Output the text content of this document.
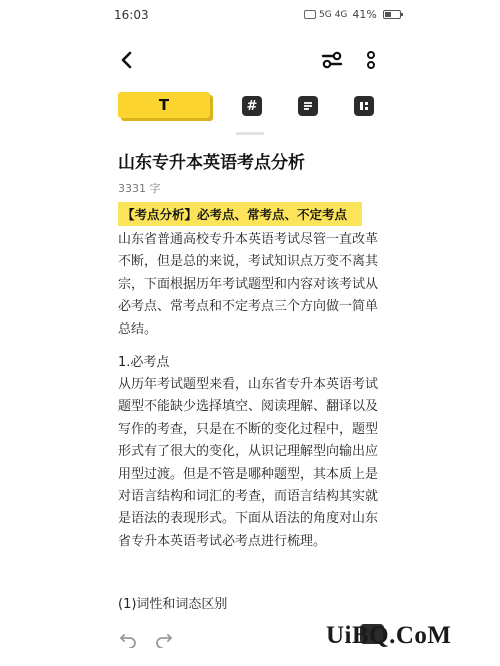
16:03	5G 4G 41%
T	#
山东专升本英语考点分析
3331 字
【考点分析】必考点、常考点、不定考点
山东省普通高校专升本英语考试尽管一直改革不断，但是总的来说，考试知识点万变不离其宗，下面根据历年考试题型和内容对该考试从必考点、常考点和不定考点三个方向做一简单总结。
1.必考点
从历年考试题型来看，山东省专升本英语考试题型不能缺少选择填空、阅读理解、翻译以及写作的考查，只是在不断的变化过程中，题型形式有了很大的变化，从识记理解型向输出应用型过渡。但是不管是哪种题型，其本质上是对语言结构和词汇的考查，而语言结构其实就是语法的表现形式。下面从语法的角度对山东省专升本英语考试必考点进行梳理。
(1)词性和词态区别
UiBQ.CoM
